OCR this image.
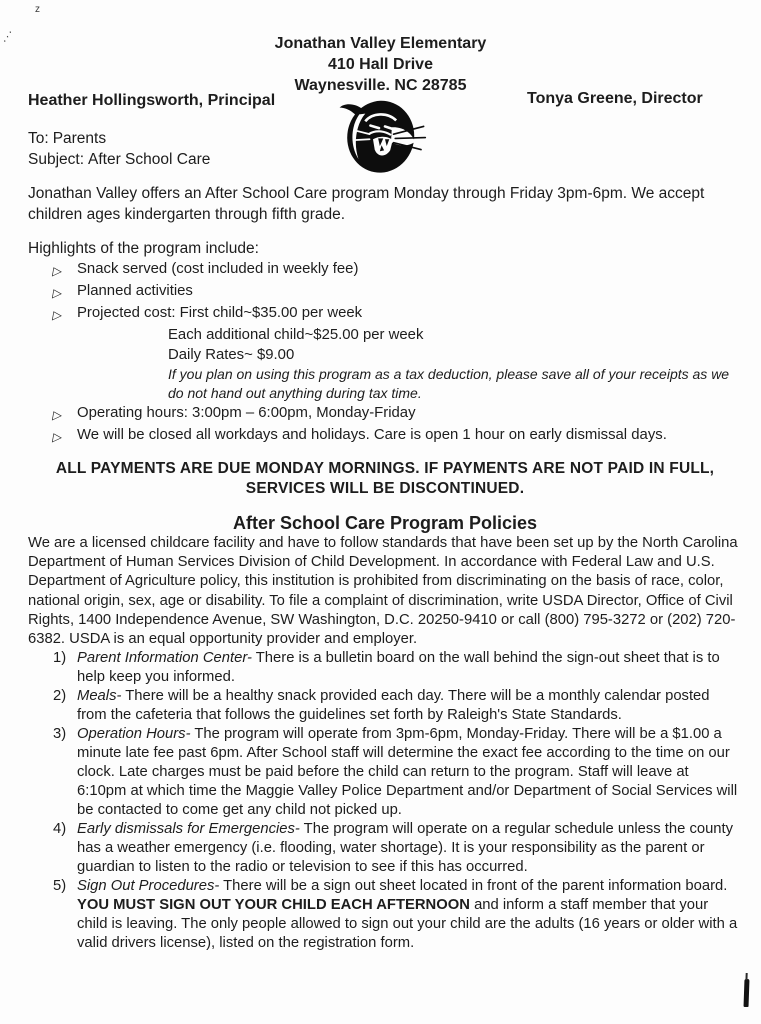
z
⋰	Jonathan Valley Elementary
410 Hall Drive
Waynesville. NC 28785
Heather Hollingsworth, Principal	Tonya Greene, Director
To: Parents
Subject: After School Care

Jonathan Valley offers an After School Care program Monday through Friday 3pm-6pm. We accept children ages kindergarten through fifth grade.

Highlights of the program include:
▷ Snack served (cost included in weekly fee)
▷ Planned activities
▷ Projected cost: First child~$35.00 per week
Each additional child~$25.00 per week
Daily Rates~ $9.00
If you plan on using this program as a tax deduction, please save all of your receipts as we do not hand out anything during tax time.
▷ Operating hours: 3:00pm – 6:00pm, Monday-Friday
▷ We will be closed all workdays and holidays. Care is open 1 hour on early dismissal days.
ALL PAYMENTS ARE DUE MONDAY MORNINGS. IF PAYMENTS ARE NOT PAID IN FULL,
SERVICES WILL BE DISCONTINUED.
After School Care Program Policies

We are a licensed childcare facility and have to follow standards that have been set up by the North Carolina Department of Human Services Division of Child Development. In accordance with Federal Law and U.S. Department of Agriculture policy, this institution is prohibited from discriminating on the basis of race, color, national origin, sex, age or disability. To file a complaint of discrimination, write USDA Director, Office of Civil Rights, 1400 Independence Avenue, SW Washington, D.C. 20250-9410 or call (800) 795-3272 or (202) 720-6382. USDA is an equal opportunity provider and employer.

1) Parent Information Center- There is a bulletin board on the wall behind the sign-out sheet that is to help keep you informed.
2) Meals- There will be a healthy snack provided each day. There will be a monthly calendar posted from the cafeteria that follows the guidelines set forth by Raleigh's State Standards.
3) Operation Hours- The program will operate from 3pm-6pm, Monday-Friday. There will be a $1.00 a minute late fee past 6pm. After School staff will determine the exact fee according to the time on our clock. Late charges must be paid before the child can return to the program. Staff will leave at 6:10pm at which time the Maggie Valley Police Department and/or Department of Social Services will be contacted to come get any child not picked up.
4) Early dismissals for Emergencies- The program will operate on a regular schedule unless the county has a weather emergency (i.e. flooding, water shortage). It is your responsibility as the parent or guardian to listen to the radio or television to see if this has occurred.
5) Sign Out Procedures- There will be a sign out sheet located in front of the parent information board. YOU MUST SIGN OUT YOUR CHILD EACH AFTERNOON and inform a staff member that your child is leaving. The only people allowed to sign out your child are the adults (16 years or older with a valid drivers license), listed on the registration form.
